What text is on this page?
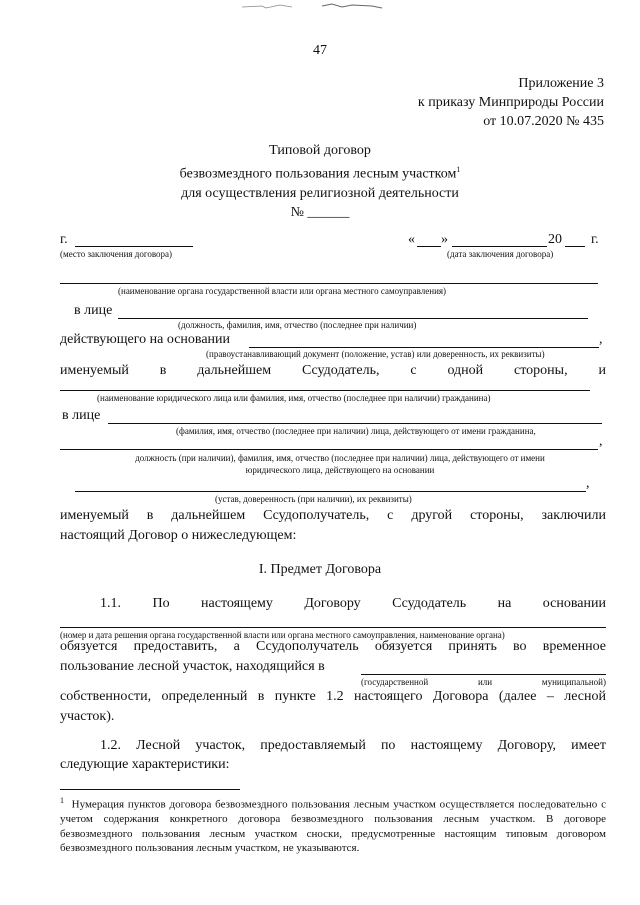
47
Приложение 3
к приказу Минприроды России
от 10.07.2020 № 435
Типовой договор
безвозмездного пользования лесным участком$^1$
для осуществления религиозной деятельности
№ ______
г.
(место заключения договора)
« »	20 г.
(дата заключения договора)
(наименование органа государственной власти или органа местного самоуправления)
в лице
(должность, фамилия, имя, отчество (последнее при наличии)
действующего на основании	,
(правоустанавливающий документ (положение, устав) или доверенность, их реквизиты)
именуемый в дальнейшем Ссудодатель, с одной стороны, и
(наименование юридического лица или фамилия, имя, отчество (последнее при наличии) гражданина)
в лице
(фамилия, имя, отчество (последнее при наличии) лица, действующего от имени гражданина,
,
должность (при наличии), фамилия, имя, отчество (последнее при наличии) лица, действующего от имени
юридического лица, действующего на основании
,
(устав, доверенность (при наличии), их реквизиты)
именуемый в дальнейшем Ссудополучатель, с другой стороны, заключили
настоящий Договор о нижеследующем:
I. Предмет Договора
1.1. По настоящему Договору Ссудодатель на основании
(номер и дата решения органа государственной власти или органа местного самоуправления, наименование органа)
обязуется предоставить, а Ссудополучатель обязуется принять во временное
пользование лесной участок, находящийся в
(государственной	или	муниципальной)
собственности, определенный в пункте 1.2 настоящего Договора (далее – лесной
участок).
1.2. Лесной участок, предоставляемый по настоящему Договору, имеет
следующие характеристики:
$^1$ Нумерация пунктов договора безвозмездного пользования лесным участком осуществляется последовательно с учетом содержания конкретного договора безвозмездного пользования лесным участком. В договоре безвозмездного пользования лесным участком сноски, предусмотренные настоящим типовым договором безвозмездного пользования лесным участком, не указываются.
